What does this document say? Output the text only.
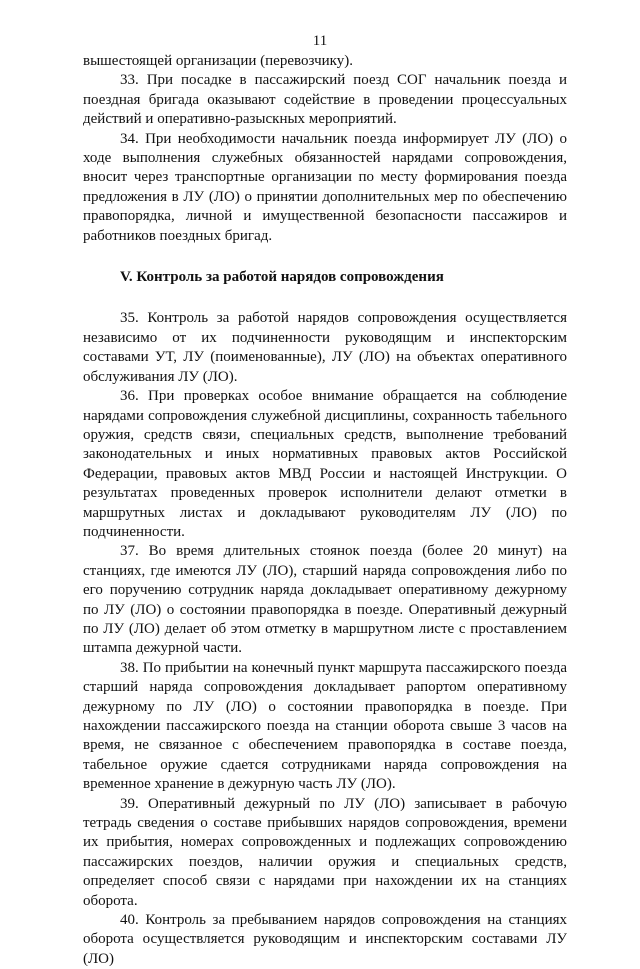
11

вышестоящей организации (перевозчику).

33. При посадке в пассажирский поезд СОГ начальник поезда и поездная бригада оказывают содействие в проведении процессуальных действий и оперативно-разыскных мероприятий.

34. При необходимости начальник поезда информирует ЛУ (ЛО) о ходе выполнения служебных обязанностей нарядами сопровождения, вносит через транспортные организации по месту формирования поезда предложения в ЛУ (ЛО) о принятии дополнительных мер по обеспечению правопорядка, личной и имущественной безопасности пассажиров и работников поездных бригад.

V. Контроль за работой нарядов сопровождения

35. Контроль за работой нарядов сопровождения осуществляется независимо от их подчиненности руководящим и инспекторским составами УТ, ЛУ (поименованные), ЛУ (ЛО) на объектах оперативного обслуживания ЛУ (ЛО).

36. При проверках особое внимание обращается на соблюдение нарядами сопровождения служебной дисциплины, сохранность табельного оружия, средств связи, специальных средств, выполнение требований законодательных и иных нормативных правовых актов Российской Федерации, правовых актов МВД России и настоящей Инструкции. О результатах проведенных проверок исполнители делают отметки в маршрутных листах и докладывают руководителям ЛУ (ЛО) по подчиненности.

37. Во время длительных стоянок поезда (более 20 минут) на станциях, где имеются ЛУ (ЛО), старший наряда сопровождения либо по его поручению сотрудник наряда докладывает оперативному дежурному по ЛУ (ЛО) о состоянии правопорядка в поезде. Оперативный дежурный по ЛУ (ЛО) делает об этом отметку в маршрутном листе с проставлением штампа дежурной части.

38. По прибытии на конечный пункт маршрута пассажирского поезда старший наряда сопровождения докладывает рапортом оперативному дежурному по ЛУ (ЛО) о состоянии правопорядка в поезде. При нахождении пассажирского поезда на станции оборота свыше 3 часов на время, не связанное с обеспечением правопорядка в составе поезда, табельное оружие сдается сотрудниками наряда сопровождения на временное хранение в дежурную часть ЛУ (ЛО).

39. Оперативный дежурный по ЛУ (ЛО) записывает в рабочую тетрадь сведения о составе прибывших нарядов сопровождения, времени их прибытия, номерах сопровожденных и подлежащих сопровождению пассажирских поездов, наличии оружия и специальных средств, определяет способ связи с нарядами при нахождении их на станциях оборота.

40. Контроль за пребыванием нарядов сопровождения на станциях оборота осуществляется руководящим и инспекторским составами ЛУ (ЛО)
